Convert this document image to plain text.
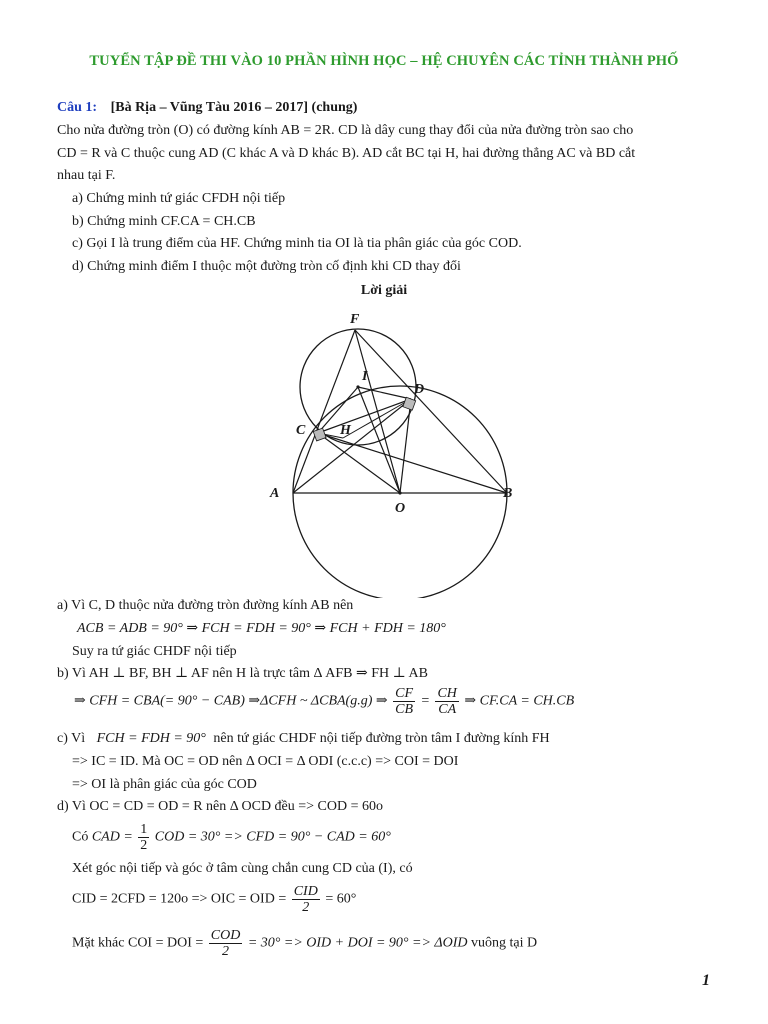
TUYỂN TẬP ĐỀ THI VÀO 10 PHẦN HÌNH HỌC – HỆ CHUYÊN CÁC TỈNH THÀNH PHỐ
Câu 1: [Bà Rịa – Vũng Tàu 2016 – 2017] (chung)
Cho nửa đường tròn (O) có đường kính AB = 2R. CD là dây cung thay đổi của nửa đường tròn sao cho
CD = R và C thuộc cung AD (C khác A và D khác B). AD cắt BC tại H, hai đường thẳng AC và BD cắt
nhau tại F.
a) Chứng minh tứ giác CFDH nội tiếp
b) Chứng minh CF.CA = CH.CB
c) Gọi I là trung điểm của HF. Chứng minh tia OI là tia phân giác của góc COD.
d) Chứng minh điểm I thuộc một đường tròn cố định khi CD thay đổi
Lời giải
F
I
D
C H
A
O
B
a) Vì C, D thuộc nửa đường tròn đường kính AB nên
ACB = ADB = 90° ⇒ FCH = FDH = 90° ⇒ FCH + FDH = 180°
Suy ra tứ giác CHDF nội tiếp
b) Vì AH ⊥ BF, BH ⊥ AF nên H là trực tâm Δ AFB ⇒ FH ⊥ AB
⇒ CFH = CBA(= 90° − CAB) ⇒ΔCFH ~ ΔCBA(g.g) ⇒ $\frac{CF}{CB} = \frac{CH}{CA}$ ⇒ CF.CA = CH.CB
c) Vì FCH = FDH = 90° nên tứ giác CHDF nội tiếp đường tròn tâm I đường kính FH
=> IC = ID. Mà OC = OD nên Δ OCI = Δ ODI (c.c.c) => COI = DOI
=> OI là phân giác của góc COD
d) Vì OC = CD = OD = R nên Δ OCD đều => COD = 60o
Có CAD = $\frac{1}{2}$ COD = 30° => CFD = 90° − CAD = 60°
Xét góc nội tiếp và góc ở tâm cùng chắn cung CD của (I), có
CID = 2CFD = 120o => OIC = OID = $\frac{\text{CID}}{2} = 60^\circ$
Mặt khác COI = DOI = $\frac{\text{COD}}{2} = 30^\circ$ => OID + DOI = 90° => ΔOID vuông tại D
1
